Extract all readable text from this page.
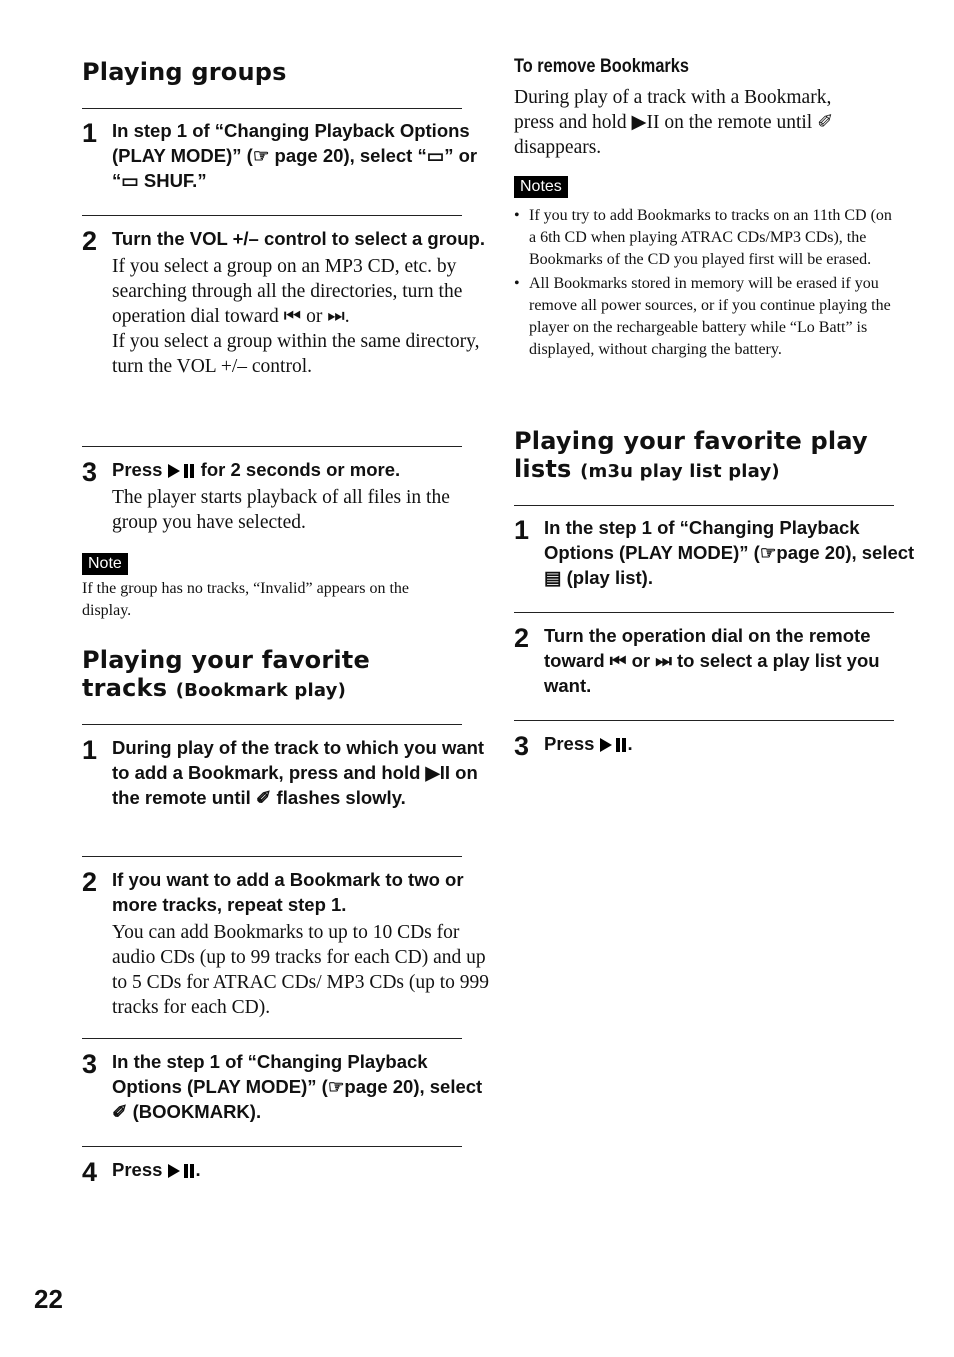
Playing groups
1 In step 1 of “Changing Playback Options (PLAY MODE)” (☞ page 20), select “▭” or “▭ SHUF.”

2 Turn the VOL +/– control to select a group.

If you select a group on an MP3 CD, etc. by searching through all the directories, turn the operation dial toward ⏮ or ⏭.

If you select a group within the same directory, turn the VOL +/– control.

3 Press  for 2 seconds or more.

The player starts playback of all files in the group you have selected.

Note

If the group has no tracks, “Invalid” appears on the display.

Playing your favorite tracks (Bookmark play)
1 During play of the track to which you want to add a Bookmark, press and hold ▶II on the remote until ✐ flashes slowly.

2 If you want to add a Bookmark to two or more tracks, repeat step 1.

You can add Bookmarks to up to 10 CDs for audio CDs (up to 99 tracks for each CD) and up to 5 CDs for ATRAC CDs/ MP3 CDs (up to 999 tracks for each CD).

3 In the step 1 of “Changing Playback Options (PLAY MODE)” (☞page 20), select ✐ (BOOKMARK).

4 Press .

To remove Bookmarks

During play of a track with a Bookmark, press and hold ▶II on the remote until ✐ disappears.

Notes
• If you try to add Bookmarks to tracks on an 11th CD (on a 6th CD when playing ATRAC CDs/MP3 CDs), the Bookmarks of the CD you played first will be erased.
• All Bookmarks stored in memory will be erased if you remove all power sources, or if you continue playing the player on the rechargeable battery while “Lo Batt” is displayed, without charging the battery.
Playing your favorite play lists (m3u play list play)
1 In the step 1 of “Changing Playback Options (PLAY MODE)” (☞page 20), select ▤ (play list).

2 Turn the operation dial on the remote toward ⏮ or ⏭ to select a play list you want.

3 Press .

22
